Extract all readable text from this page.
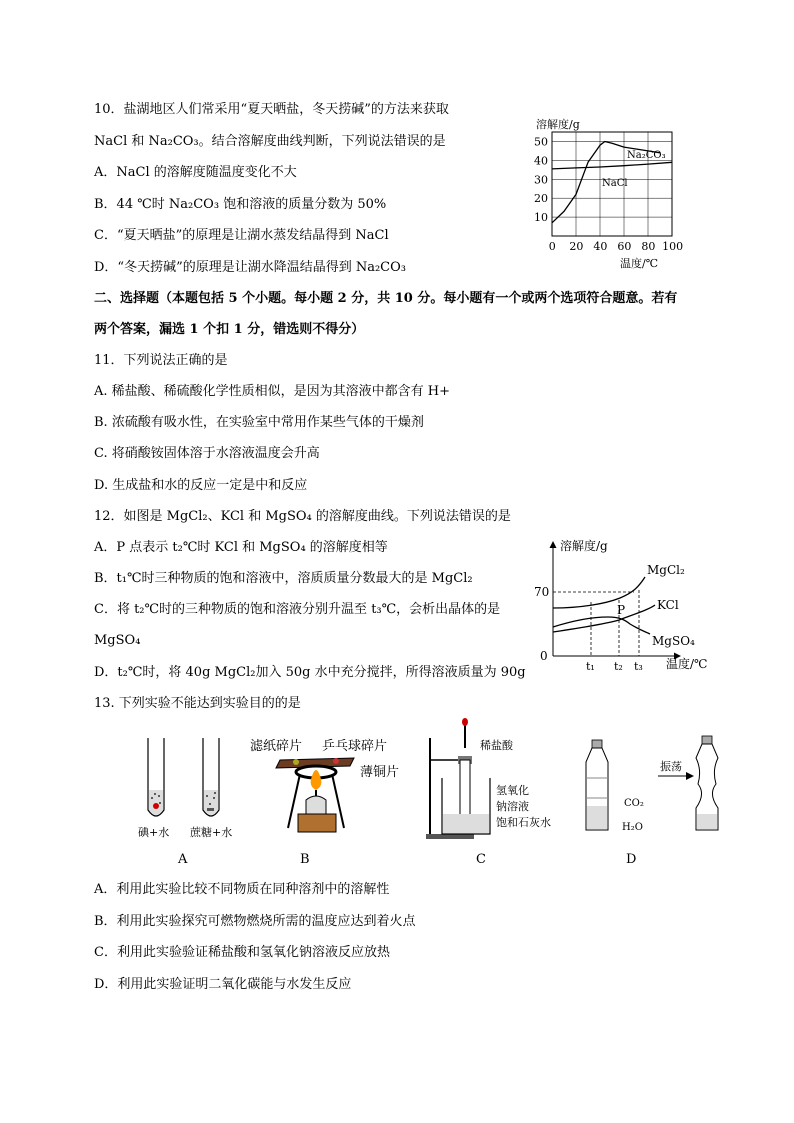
10．盐湖地区人们常采用“夏天晒盐，冬天捞碱”的方法来获取
NaCl 和 Na₂CO₃。结合溶解度曲线判断，下列说法错误的是
A．NaCl 的溶解度随温度变化不大
B．44 ℃时 Na₂CO₃ 饱和溶液的质量分数为 50%
C．“夏天晒盐”的原理是让湖水蒸发结晶得到 NaCl
D．“冬天捞碱”的原理是让湖水降温结晶得到 Na₂CO₃
溶解度/g
10
20
30
40
50
0 20 40 60 80 100
Na₂CO₃
NaCl
温度/℃
二、选择题（本题包括 5 个小题。每小题 2 分，共 10 分。每小题有一个或两个选项符合题意。若有
两个答案，漏选 1 个扣 1 分，错选则不得分）
11．下列说法正确的是
A. 稀盐酸、稀硫酸化学性质相似，是因为其溶液中都含有 H+
B. 浓硫酸有吸水性，在实验室中常用作某些气体的干燥剂
C. 将硝酸铵固体溶于水溶液温度会升高
D. 生成盐和水的反应一定是中和反应
12．如图是 MgCl₂、KCl 和 MgSO₄ 的溶解度曲线。下列说法错误的是
A．P 点表示 t₂℃时 KCl 和 MgSO₄ 的溶解度相等
B．t₁℃时三种物质的饱和溶液中，溶质质量分数最大的是 MgCl₂
C．将 t₂℃时的三种物质的饱和溶液分别升温至 t₃℃，会析出晶体的是
MgSO₄
D．t₂℃时，将 40g MgCl₂加入 50g 水中充分搅拌，所得溶液质量为 90g
溶解度/g
0
70
P
MgCl₂
KCl
MgSO₄
t₁ t₂ t₃ 温度/℃
13. 下列实验不能达到实验目的的是
碘+水 蔗糖+水
A
滤纸碎片 乒乓球碎片
薄铜片
B
稀盐酸
氢氧化
钠溶液
饱和石灰水
C
CO₂
H₂O
振荡
D
A．利用此实验比较不同物质在同种溶剂中的溶解性
B．利用此实验探究可燃物燃烧所需的温度应达到着火点
C．利用此实验验证稀盐酸和氢氧化钠溶液反应放热
D．利用此实验证明二氧化碳能与水发生反应
